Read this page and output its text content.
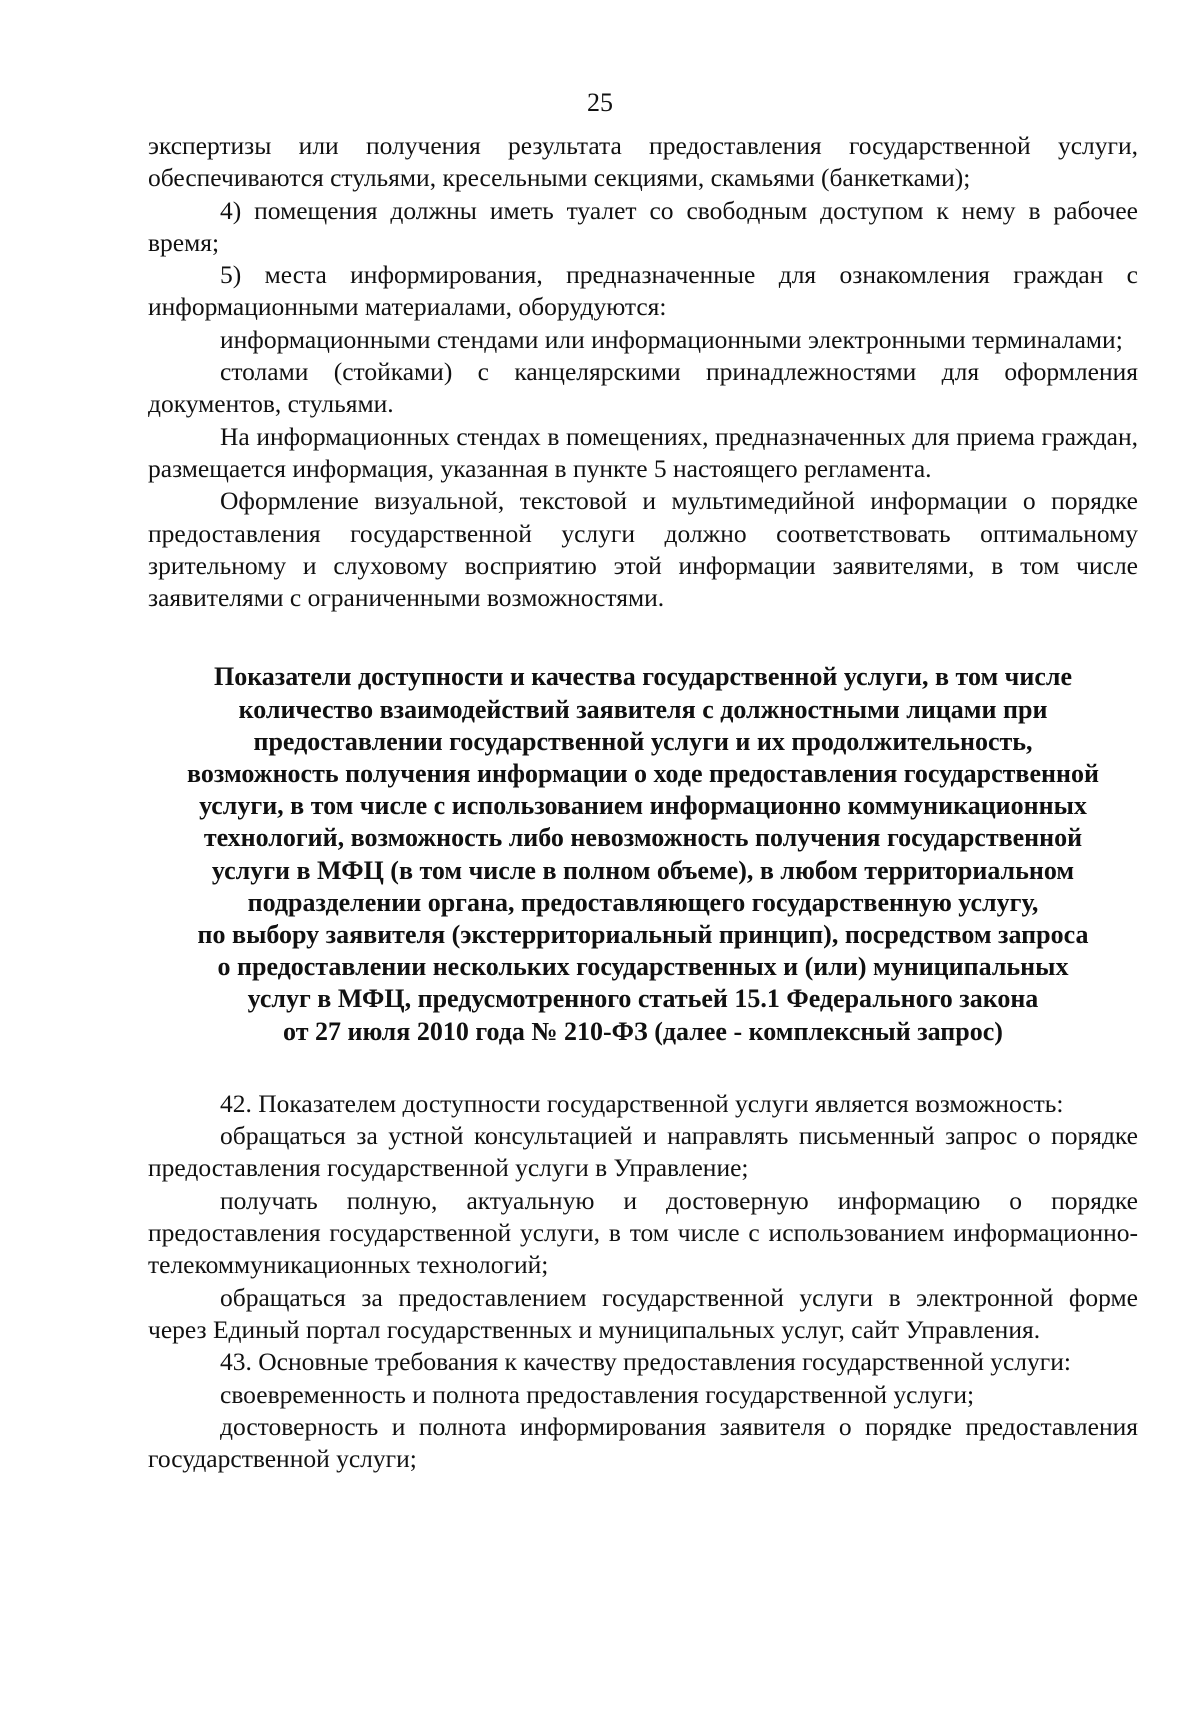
25

экспертизы или получения результата предоставления государственной услуги, обеспечиваются стульями, кресельными секциями, скамьями (банкетками);

4) помещения должны иметь туалет со свободным доступом к нему в рабочее время;

5) места информирования, предназначенные для ознакомления граждан с информационными материалами, оборудуются:

информационными стендами или информационными электронными терминалами;

столами (стойками) с канцелярскими принадлежностями для оформления документов, стульями.

На информационных стендах в помещениях, предназначенных для приема граждан, размещается информация, указанная в пункте 5 настоящего регламента.

Оформление визуальной, текстовой и мультимедийной информации о порядке предоставления государственной услуги должно соответствовать оптимальному зрительному и слуховому восприятию этой информации заявителями, в том числе заявителями с ограниченными возможностями.

Показатели доступности и качества государственной услуги, в том числе
количество взаимодействий заявителя с должностными лицами при
предоставлении государственной услуги и их продолжительность,
возможность получения информации о ходе предоставления государственной
услуги, в том числе с использованием информационно коммуникационных
технологий, возможность либо невозможность получения государственной
услуги в МФЦ (в том числе в полном объеме), в любом территориальном
подразделении органа, предоставляющего государственную услугу,
по выбору заявителя (экстерриториальный принцип), посредством запроса
о предоставлении нескольких государственных и (или) муниципальных
услуг в МФЦ, предусмотренного статьей 15.1 Федерального закона
от 27 июля 2010 года № 210-ФЗ (далее - комплексный запрос)

42. Показателем доступности государственной услуги является возможность:

обращаться за устной консультацией и направлять письменный запрос о порядке предоставления государственной услуги в Управление;

получать полную, актуальную и достоверную информацию о порядке предоставления государственной услуги, в том числе с использованием информационно-телекоммуникационных технологий;

обращаться за предоставлением государственной услуги в электронной форме через Единый портал государственных и муниципальных услуг, сайт Управления.

43. Основные требования к качеству предоставления государственной услуги:

своевременность и полнота предоставления государственной услуги;

достоверность и полнота информирования заявителя о порядке предоставления государственной услуги;
